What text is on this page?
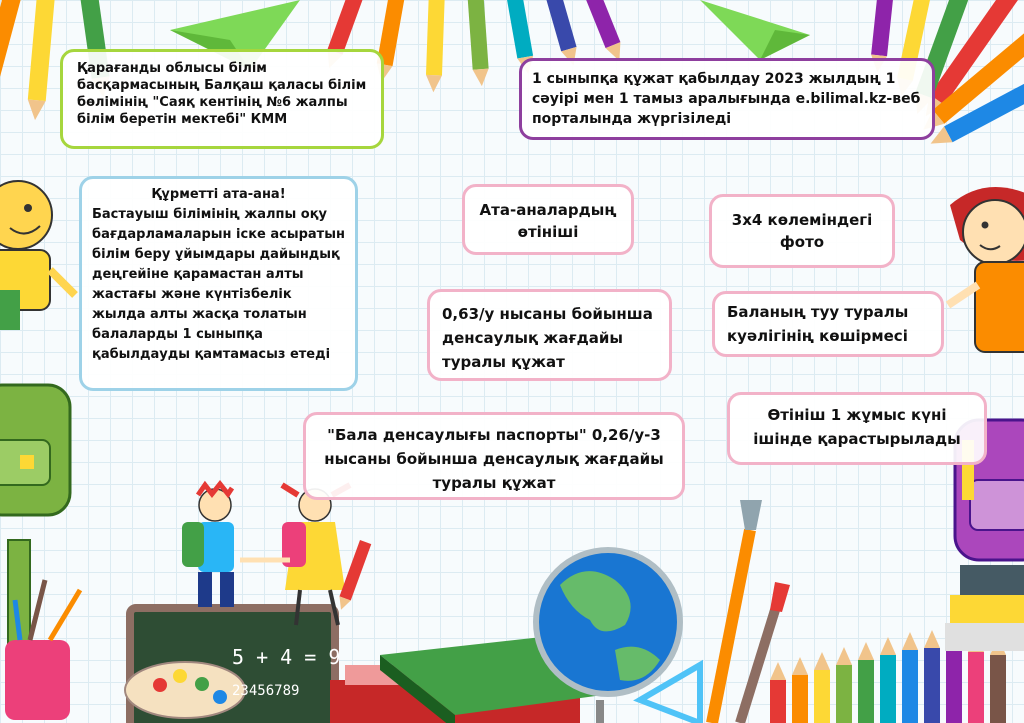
5 + 4 = 9
23456789
Қарағанды облысы білім басқармасының Балқаш қаласы білім бөлімінің "Саяқ кентінің №6 жалпы білім беретін мектебі" КММ
1 сыныпқа құжат қабылдау 2023 жылдың 1 сәуірі мен 1 тамыз аралығында e.bilimal.kz-веб порталында жүргізіледі
Құрметті ата-ана!
Бастауыш білімінің жалпы оқу бағдарламаларын іске асыратын білім беру ұйымдары дайындық деңгейіне қарамастан алты жастағы және күнтізбелік жылда алты жасқа толатын балаларды 1 сыныпқа қабылдауды қамтамасыз етеді
Ата-аналардың өтініші
3х4 көлеміндегі фото
0,63/у нысаны бойынша денсаулық жағдайы туралы құжат
Баланың туу туралы куәлігінің көшірмесі
"Бала денсаулығы паспорты" 0,26/у-3 нысаны бойынша денсаулық жағдайы туралы құжат
Өтініш 1 жұмыс күні ішінде қарастырылады
